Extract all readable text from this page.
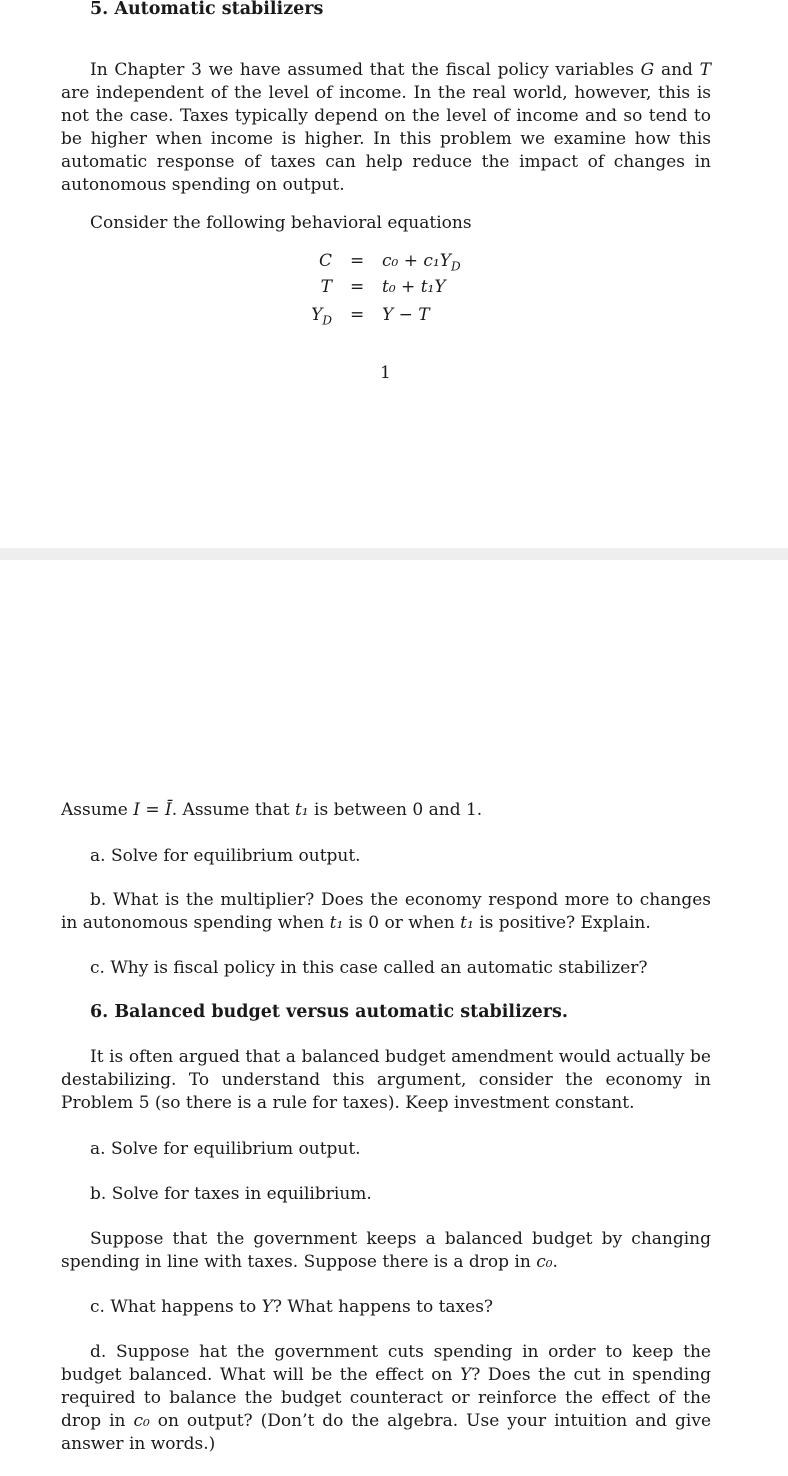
5. Automatic stabilizers
In Chapter 3 we have assumed that the fiscal policy variables G and T are independent of the level of income. In the real world, however, this is not the case. Taxes typically depend on the level of income and so tend to be higher when income is higher. In this problem we examine how this automatic response of taxes can help reduce the impact of changes in autonomous spending on output.
Consider the following behavioral equations
$C = c_0 + c_1Y_D$
T = t₀ + t₁Y
$Y_D = Y - T$
1
Assume I = Ī. Assume that t₁ is between 0 and 1.
a. Solve for equilibrium output.
b. What is the multiplier? Does the economy respond more to changes in autonomous spending when t₁ is 0 or when t₁ is positive? Explain.
c. Why is fiscal policy in this case called an automatic stabilizer?
6. Balanced budget versus automatic stabilizers.
It is often argued that a balanced budget amendment would actually be destabilizing. To understand this argument, consider the economy in Problem 5 (so there is a rule for taxes). Keep investment constant.
a. Solve for equilibrium output.
b. Solve for taxes in equilibrium.
Suppose that the government keeps a balanced budget by changing spending in line with taxes. Suppose there is a drop in c₀.
c. What happens to Y? What happens to taxes?
d. Suppose hat the government cuts spending in order to keep the budget balanced. What will be the effect on Y? Does the cut in spending required to balance the budget counteract or reinforce the effect of the drop in c₀ on output? (Don’t do the algebra. Use your intuition and give answer in words.)
